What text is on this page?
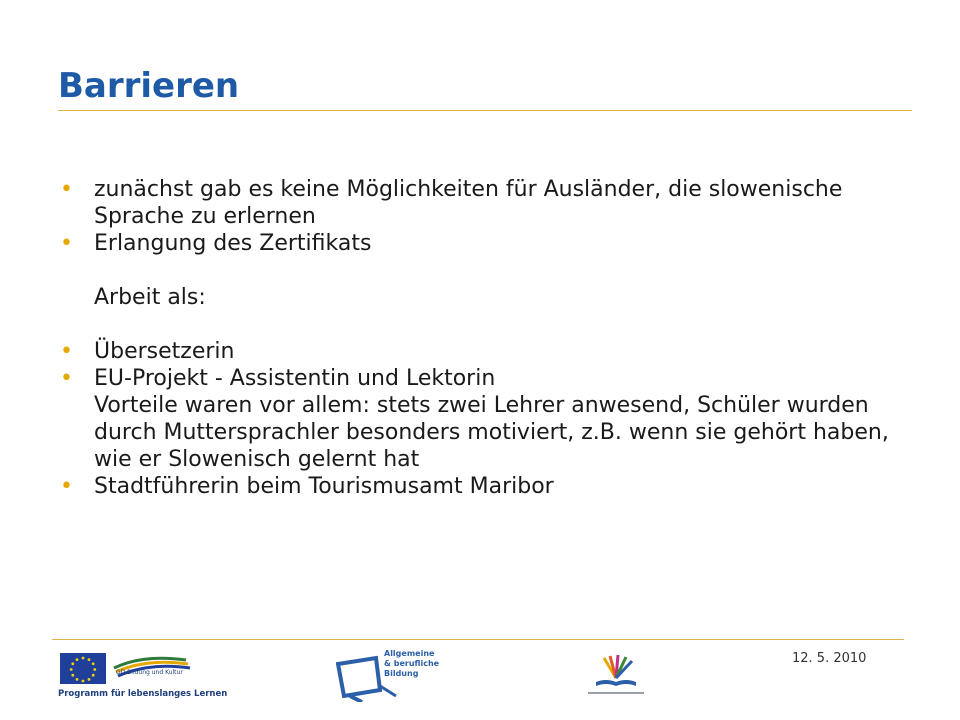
Barrieren
• zunächst gab es keine Möglichkeiten für Ausländer, die slowenische Sprache zu erlernen
• Erlangung des Zertifikats
Arbeit als:
• Übersetzerin
• EU-Projekt - Assistentin und Lektorin
Vorteile waren vor allem: stets zwei Lehrer anwesend, Schüler wurden durch Muttersprachler besonders motiviert, z.B. wenn sie gehört haben, wie er Slowenisch gelernt hat
• Stadtführerin beim Tourismusamt Maribor
GD Bildung und Kultur
Programm für lebenslanges Lernen
Allgemeine
& berufliche
Bildung
12. 5. 2010
